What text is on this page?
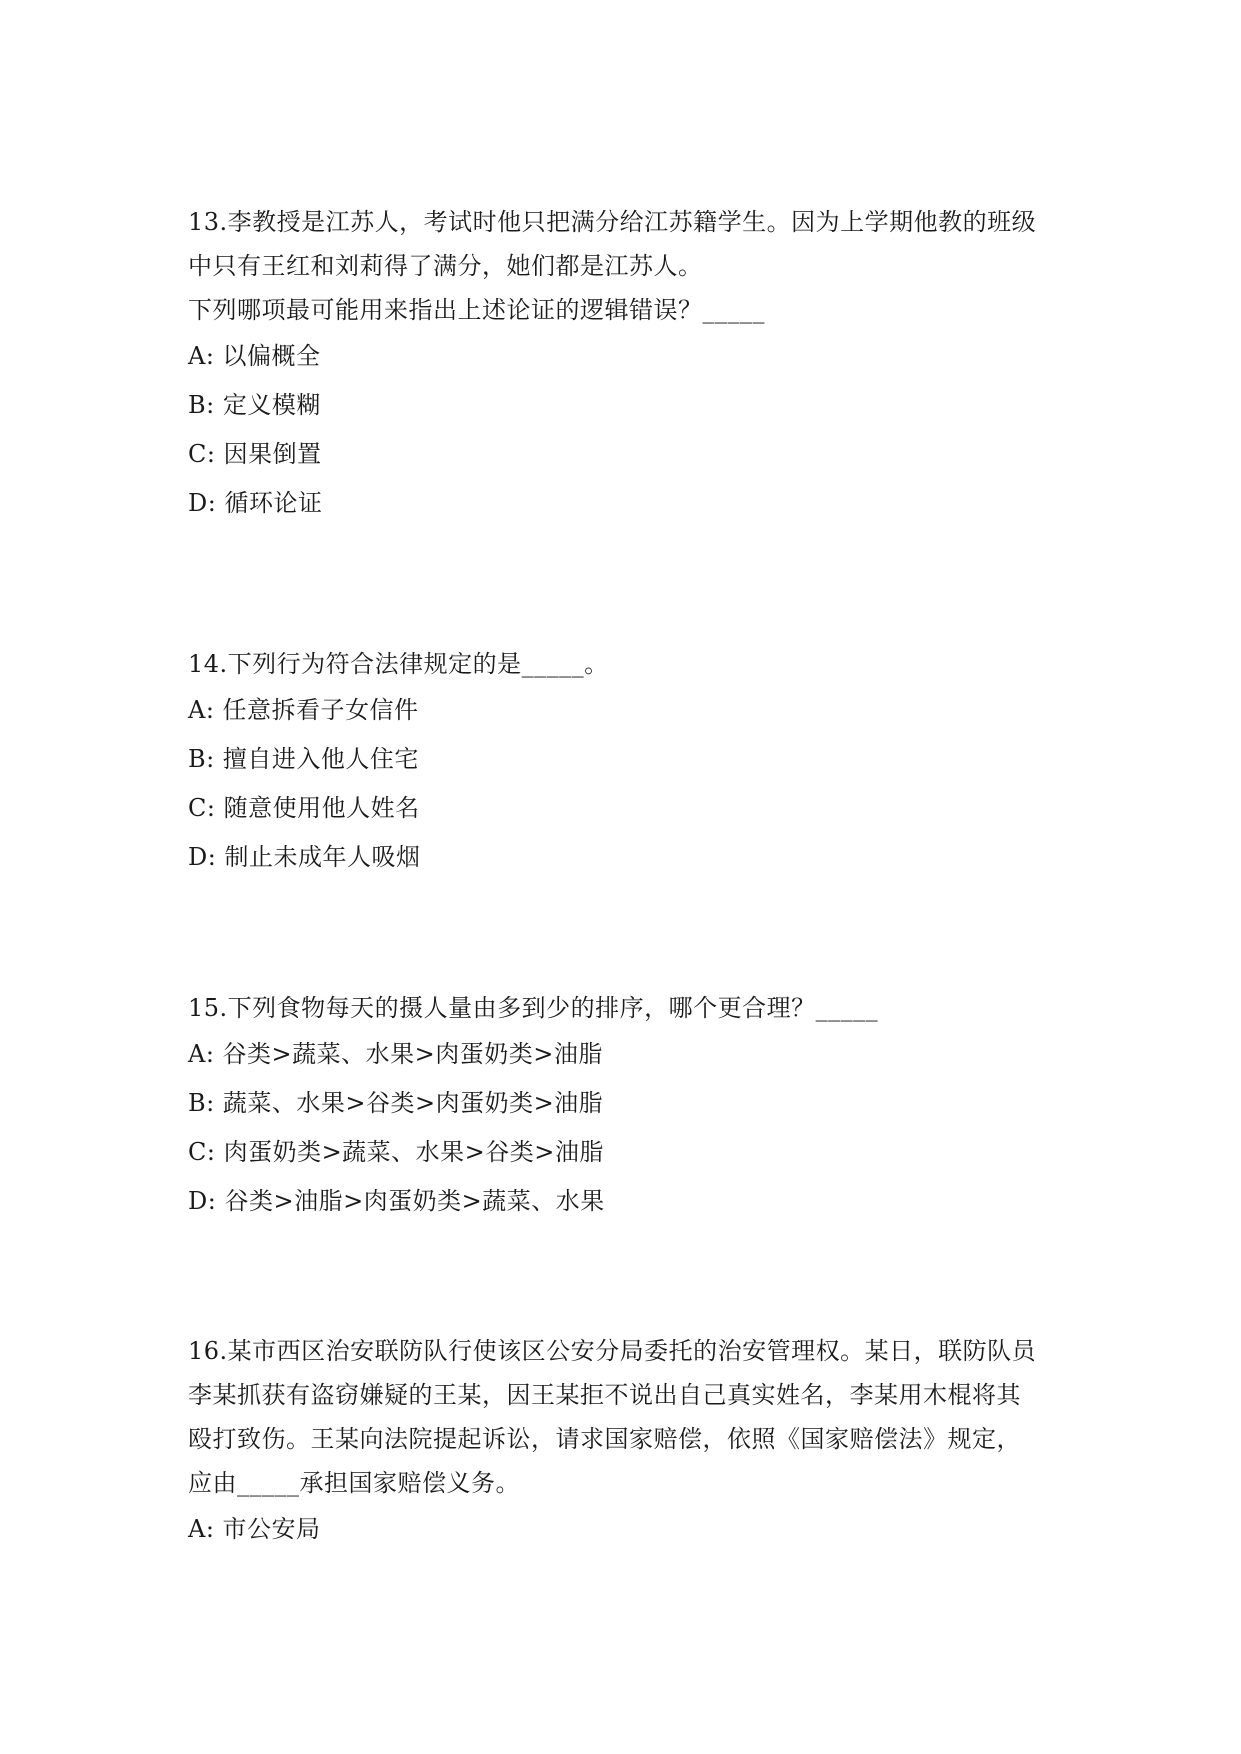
13.李教授是江苏人，考试时他只把满分给江苏籍学生。因为上学期他教的班级

中只有王红和刘莉得了满分，她们都是江苏人。

下列哪项最可能用来指出上述论证的逻辑错误？_____

A: 以偏概全

B: 定义模糊

C: 因果倒置

D: 循环论证

14.下列行为符合法律规定的是_____。

A: 任意拆看子女信件

B: 擅自进入他人住宅

C: 随意使用他人姓名

D: 制止未成年人吸烟

15.下列食物每天的摄人量由多到少的排序，哪个更合理？_____

A: 谷类>蔬菜、水果>肉蛋奶类>油脂

B: 蔬菜、水果>谷类>肉蛋奶类>油脂

C: 肉蛋奶类>蔬菜、水果>谷类>油脂

D: 谷类>油脂>肉蛋奶类>蔬菜、水果

16.某市西区治安联防队行使该区公安分局委托的治安管理权。某日，联防队员

李某抓获有盗窃嫌疑的王某，因王某拒不说出自己真实姓名，李某用木棍将其

殴打致伤。王某向法院提起诉讼，请求国家赔偿，依照《国家赔偿法》规定，

应由_____承担国家赔偿义务。

A: 市公安局
